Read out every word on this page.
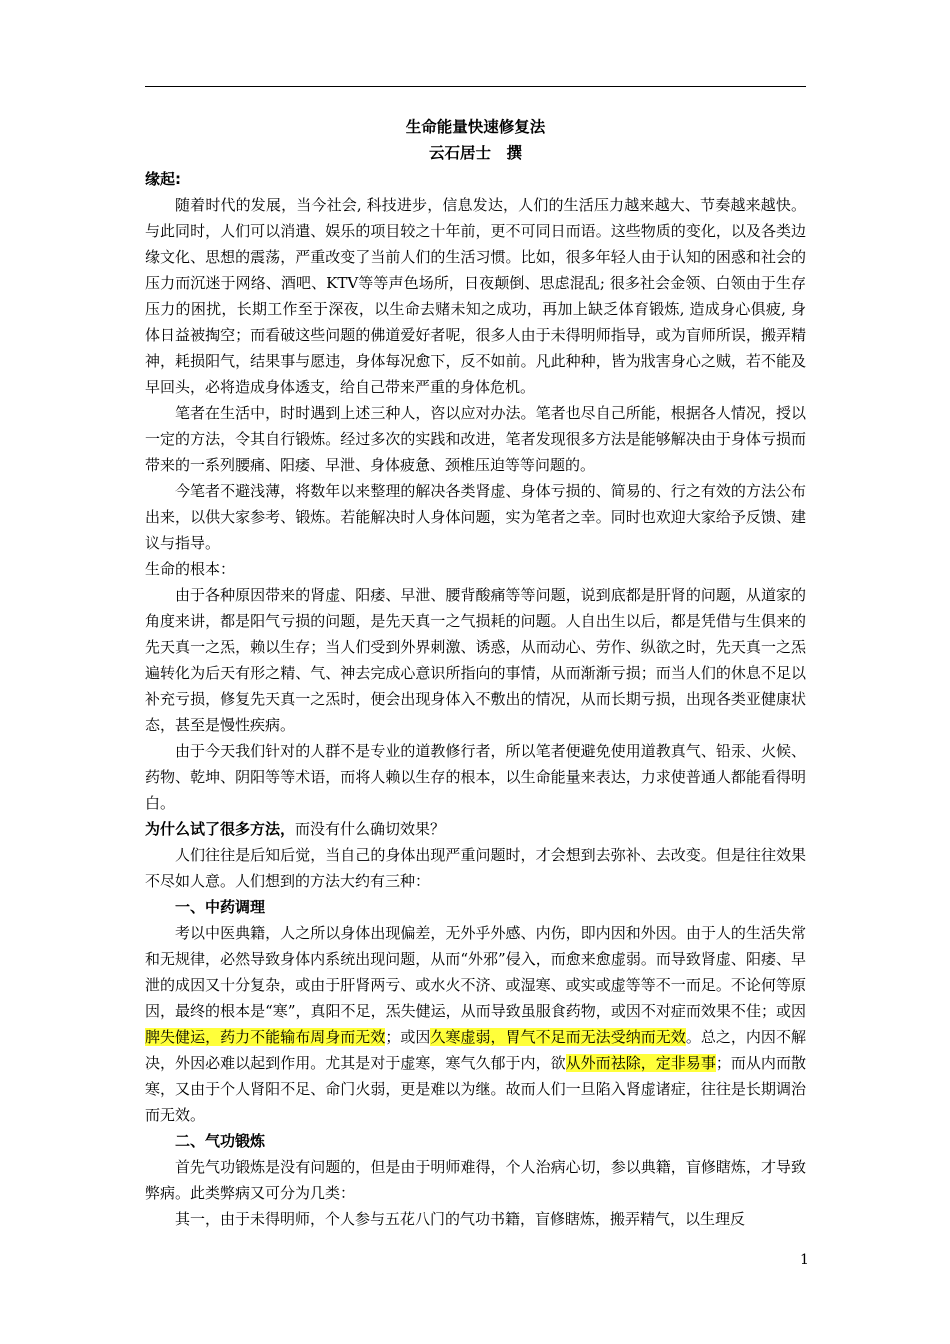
生命能量快速修复法
云石居士　撰
缘起:

随着时代的发展，当今社会, 科技进步，信息发达，人们的生活压力越来越大、节奏越来越快。与此同时，人们可以消遣、娱乐的项目较之十年前，更不可同日而语。这些物质的变化，以及各类边缘文化、思想的震荡，严重改变了当前人们的生活习惯。比如，很多年轻人由于认知的困惑和社会的压力而沉迷于网络、酒吧、KTV等等声色场所，日夜颠倒、思虑混乱; 很多社会金领、白领由于生存压力的困扰，长期工作至于深夜，以生命去赌未知之成功，再加上缺乏体育锻炼, 造成身心俱疲, 身体日益被掏空；而看破这些问题的佛道爱好者呢，很多人由于未得明师指导，或为盲师所误，搬弄精神，耗损阳气，结果事与愿违，身体每况愈下，反不如前。凡此种种，皆为戕害身心之贼，若不能及早回头，必将造成身体透支，给自己带来严重的身体危机。

笔者在生活中，时时遇到上述三种人，咨以应对办法。笔者也尽自己所能，根据各人情况，授以一定的方法，令其自行锻炼。经过多次的实践和改进，笔者发现很多方法是能够解决由于身体亏损而带来的一系列腰痛、阳痿、早泄、身体疲惫、颈椎压迫等等问题的。

今笔者不避浅薄，将数年以来整理的解决各类肾虚、身体亏损的、简易的、行之有效的方法公布出来，以供大家参考、锻炼。若能解决时人身体问题，实为笔者之幸。同时也欢迎大家给予反馈、建议与指导。

生命的根本：

由于各种原因带来的肾虚、阳痿、早泄、腰背酸痛等等问题，说到底都是肝肾的问题，从道家的角度来讲，都是阳气亏损的问题，是先天真一之气损耗的问题。人自出生以后，都是凭借与生俱来的先天真一之炁，赖以生存；当人们受到外界刺激、诱惑，从而动心、劳作、纵欲之时，先天真一之炁遍转化为后天有形之精、气、神去完成心意识所指向的事情，从而渐渐亏损；而当人们的休息不足以补充亏损，修复先天真一之炁时，便会出现身体入不敷出的情况，从而长期亏损，出现各类亚健康状态，甚至是慢性疾病。

由于今天我们针对的人群不是专业的道教修行者，所以笔者便避免使用道教真气、铅汞、火候、药物、乾坤、阴阳等等术语，而将人赖以生存的根本，以生命能量来表达，力求使普通人都能看得明白。

为什么试了很多方法，而没有什么确切效果？

人们往往是后知后觉，当自己的身体出现严重问题时，才会想到去弥补、去改变。但是往往效果不尽如人意。人们想到的方法大约有三种：

一、中药调理

考以中医典籍，人之所以身体出现偏差，无外乎外感、内伤，即内因和外因。由于人的生活失常和无规律，必然导致身体内系统出现问题，从而“外邪”侵入，而愈来愈虚弱。而导致肾虚、阳痿、早泄的成因又十分复杂，或由于肝肾两亏、或水火不济、或湿寒、或实或虚等等不一而足。不论何等原因，最终的根本是“寒”，真阳不足，炁失健运，从而导致虽服食药物，或因不对症而效果不佳；或因脾失健运，药力不能输布周身而无效；或因久寒虚弱，胃气不足而无法受纳而无效。总之，内因不解决，外因必难以起到作用。尤其是对于虚寒，寒气久郁于内，欲从外而祛除，定非易事；而从内而散寒，又由于个人肾阳不足、命门火弱，更是难以为继。故而人们一旦陷入肾虚诸症，往往是长期调治而无效。

二、气功锻炼

首先气功锻炼是没有问题的，但是由于明师难得，个人治病心切，参以典籍，盲修瞎炼，才导致弊病。此类弊病又可分为几类：

其一，由于未得明师，个人参与五花八门的气功书籍，盲修瞎炼，搬弄精气，以生理反

1
